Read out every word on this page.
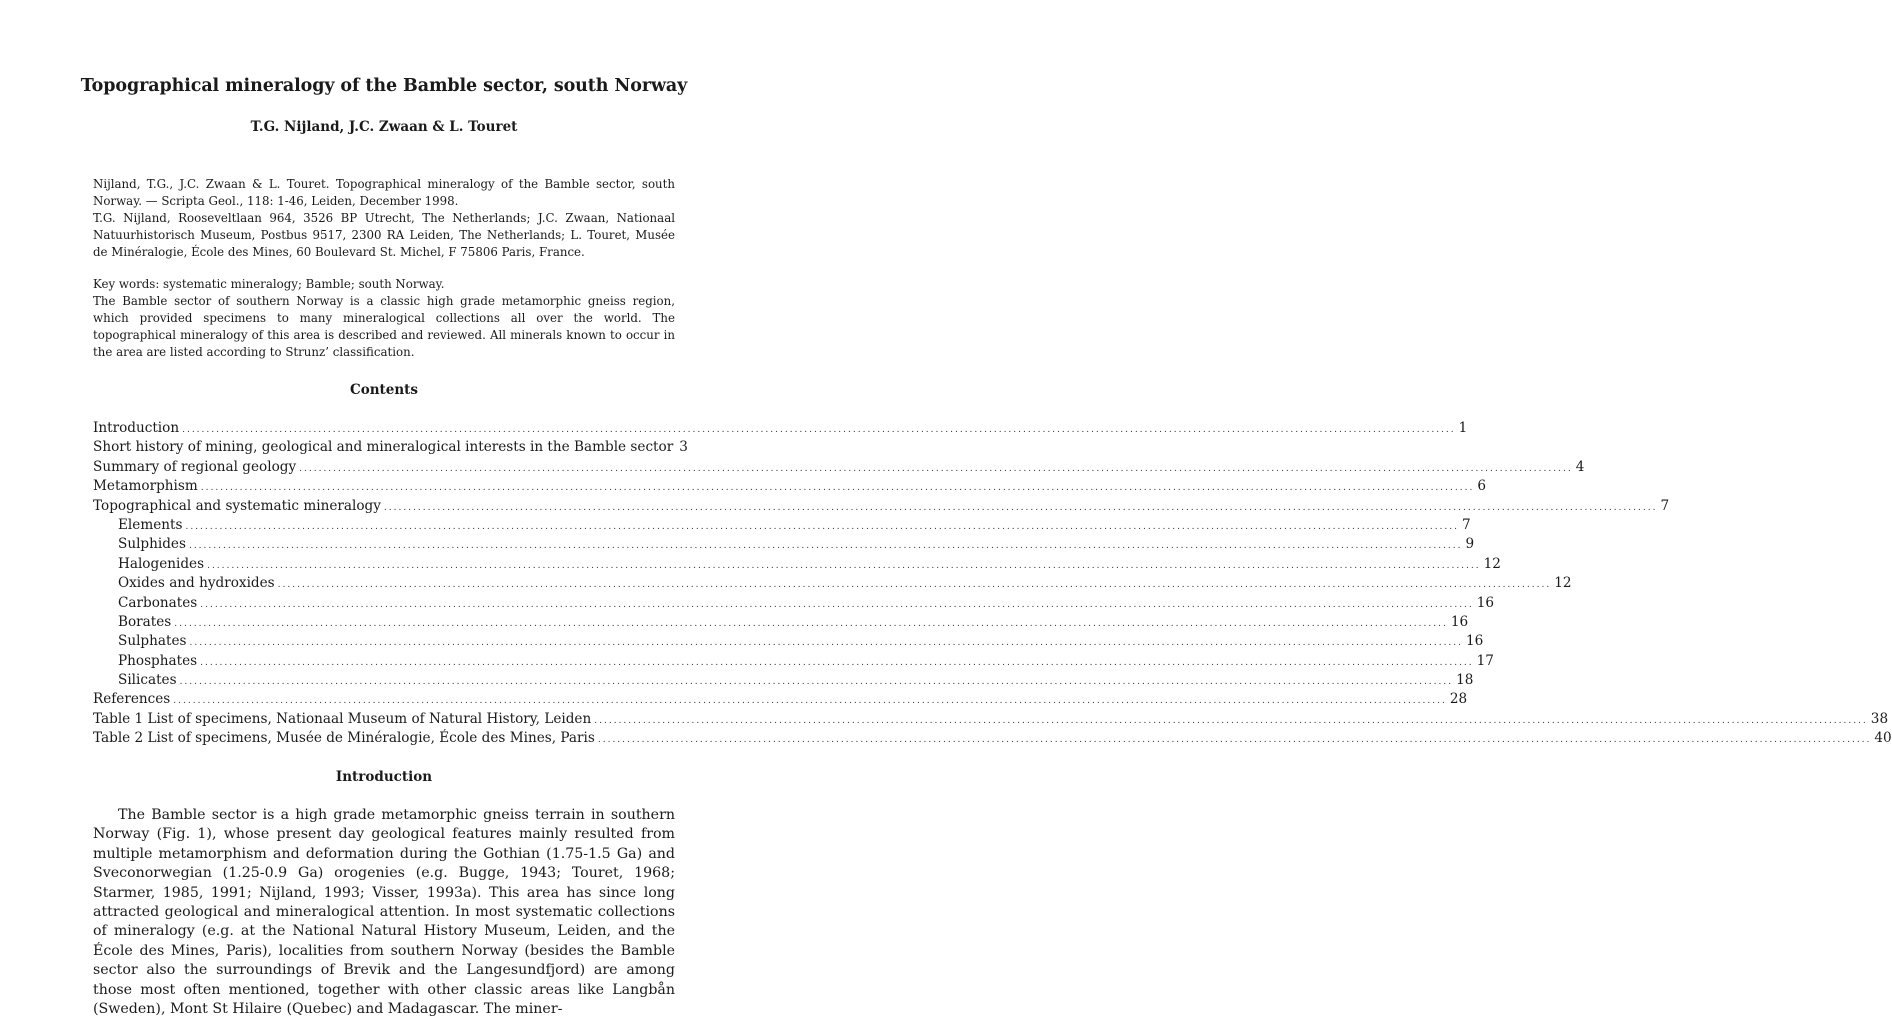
Topographical mineralogy of the Bamble sector, south Norway
T.G. Nijland, J.C. Zwaan & L. Touret

Nijland, T.G., J.C. Zwaan & L. Touret. Topographical mineralogy of the Bamble sector, south Norway. — Scripta Geol., 118: 1-46, Leiden, December 1998.

T.G. Nijland, Rooseveltlaan 964, 3526 BP Utrecht, The Netherlands; J.C. Zwaan, Nationaal Natuurhistorisch Museum, Postbus 9517, 2300 RA Leiden, The Netherlands; L. Touret, Musée de Minéralogie, École des Mines, 60 Boulevard St. Michel, F 75806 Paris, France.

Key words: systematic mineralogy; Bamble; south Norway.

The Bamble sector of southern Norway is a classic high grade metamorphic gneiss region, which provided specimens to many mineralogical collections all over the world. The topographical mineralogy of this area is described and reviewed. All minerals known to occur in the area are listed according to Strunz’ classification.

Contents
Introduction .....	1
Short history of mining, geological and mineralogical interests in the Bamble sector 3
Summary of regional geology .....	4
Metamorphism .....	6
Topographical and systematic mineralogy .....	7
Elements .....	7
Sulphides .....	9
Halogenides .....	12
Oxides and hydroxides .....	12
Carbonates .....	16
Borates .....	16
Sulphates .....	16
Phosphates .....	17
Silicates .....	18
References .....	28
Table 1 List of specimens, Nationaal Museum of Natural History, Leiden .....	38
Table 2 List of specimens, Musée de Minéralogie, École des Mines, Paris .....	40
Introduction

The Bamble sector is a high grade metamorphic gneiss terrain in southern Norway (Fig. 1), whose present day geological features mainly resulted from multiple metamorphism and deformation during the Gothian (1.75-1.5 Ga) and Sveconorwegian (1.25-0.9 Ga) orogenies (e.g. Bugge, 1943; Touret, 1968; Starmer, 1985, 1991; Nijland, 1993; Visser, 1993a). This area has since long attracted geological and mineralogical attention. In most systematic collections of mineralogy (e.g. at the National Natural History Museum, Leiden, and the École des Mines, Paris), localities from southern Norway (besides the Bamble sector also the surroundings of Brevik and the Langesundfjord) are among those most often mentioned, together with other classic areas like Langbån (Sweden), Mont St Hilaire (Quebec) and Madagascar. The miner-
